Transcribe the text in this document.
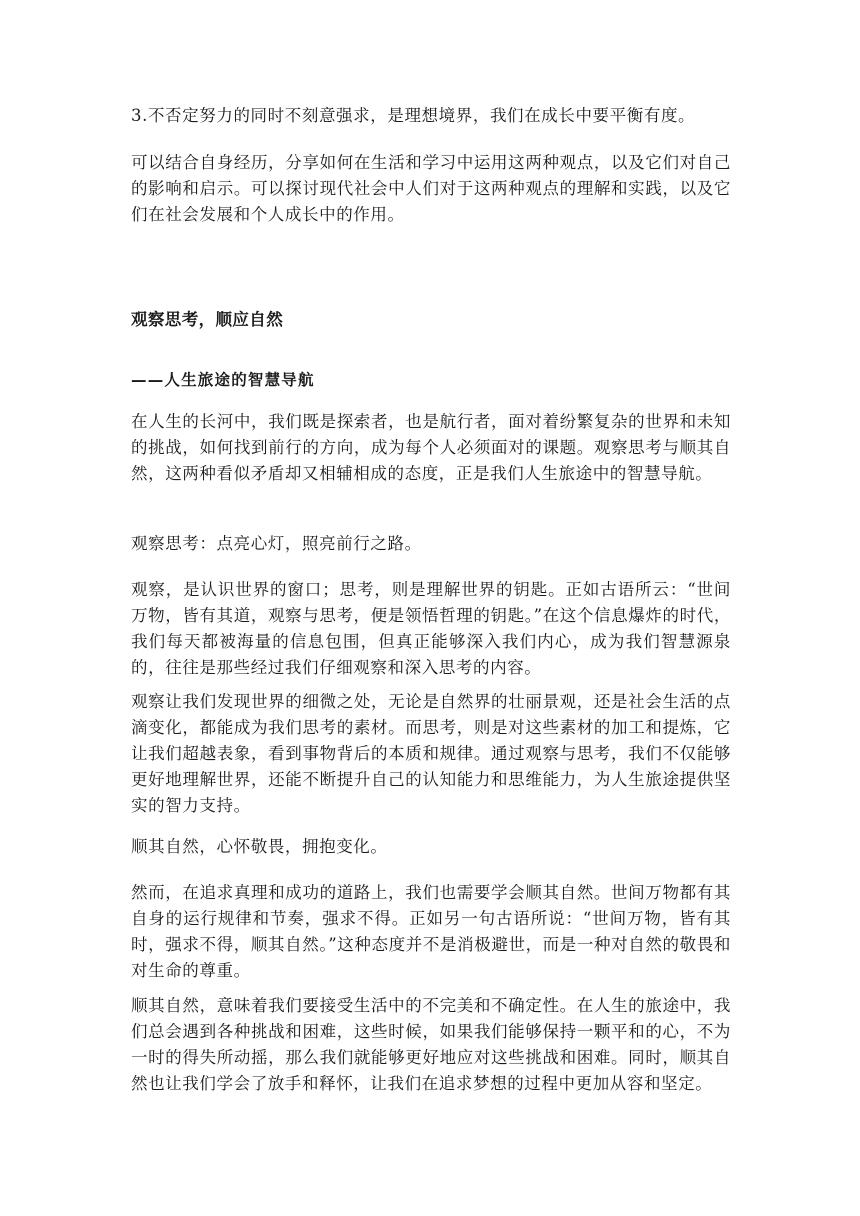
3.不否定努力的同时不刻意强求，是理想境界，我们在成长中要平衡有度。

可以结合自身经历，分享如何在生活和学习中运用这两种观点，以及它们对自己的影响和启示。可以探讨现代社会中人们对于这两种观点的理解和实践，以及它们在社会发展和个人成长中的作用。

观察思考，顺应自然
——人生旅途的智慧导航

在人生的长河中，我们既是探索者，也是航行者，面对着纷繁复杂的世界和未知的挑战，如何找到前行的方向，成为每个人必须面对的课题。观察思考与顺其自然，这两种看似矛盾却又相辅相成的态度，正是我们人生旅途中的智慧导航。

观察思考：点亮心灯，照亮前行之路。

观察，是认识世界的窗口；思考，则是理解世界的钥匙。正如古语所云：“世间万物，皆有其道，观察与思考，便是领悟哲理的钥匙。”在这个信息爆炸的时代，我们每天都被海量的信息包围，但真正能够深入我们内心，成为我们智慧源泉的，往往是那些经过我们仔细观察和深入思考的内容。

观察让我们发现世界的细微之处，无论是自然界的壮丽景观，还是社会生活的点滴变化，都能成为我们思考的素材。而思考，则是对这些素材的加工和提炼，它让我们超越表象，看到事物背后的本质和规律。通过观察与思考，我们不仅能够更好地理解世界，还能不断提升自己的认知能力和思维能力，为人生旅途提供坚实的智力支持。

顺其自然，心怀敬畏，拥抱变化。

然而，在追求真理和成功的道路上，我们也需要学会顺其自然。世间万物都有其自身的运行规律和节奏，强求不得。正如另一句古语所说：“世间万物，皆有其时，强求不得，顺其自然。”这种态度并不是消极避世，而是一种对自然的敬畏和对生命的尊重。

顺其自然，意味着我们要接受生活中的不完美和不确定性。在人生的旅途中，我们总会遇到各种挑战和困难，这些时候，如果我们能够保持一颗平和的心，不为一时的得失所动摇，那么我们就能够更好地应对这些挑战和困难。同时，顺其自然也让我们学会了放手和释怀，让我们在追求梦想的过程中更加从容和坚定。
